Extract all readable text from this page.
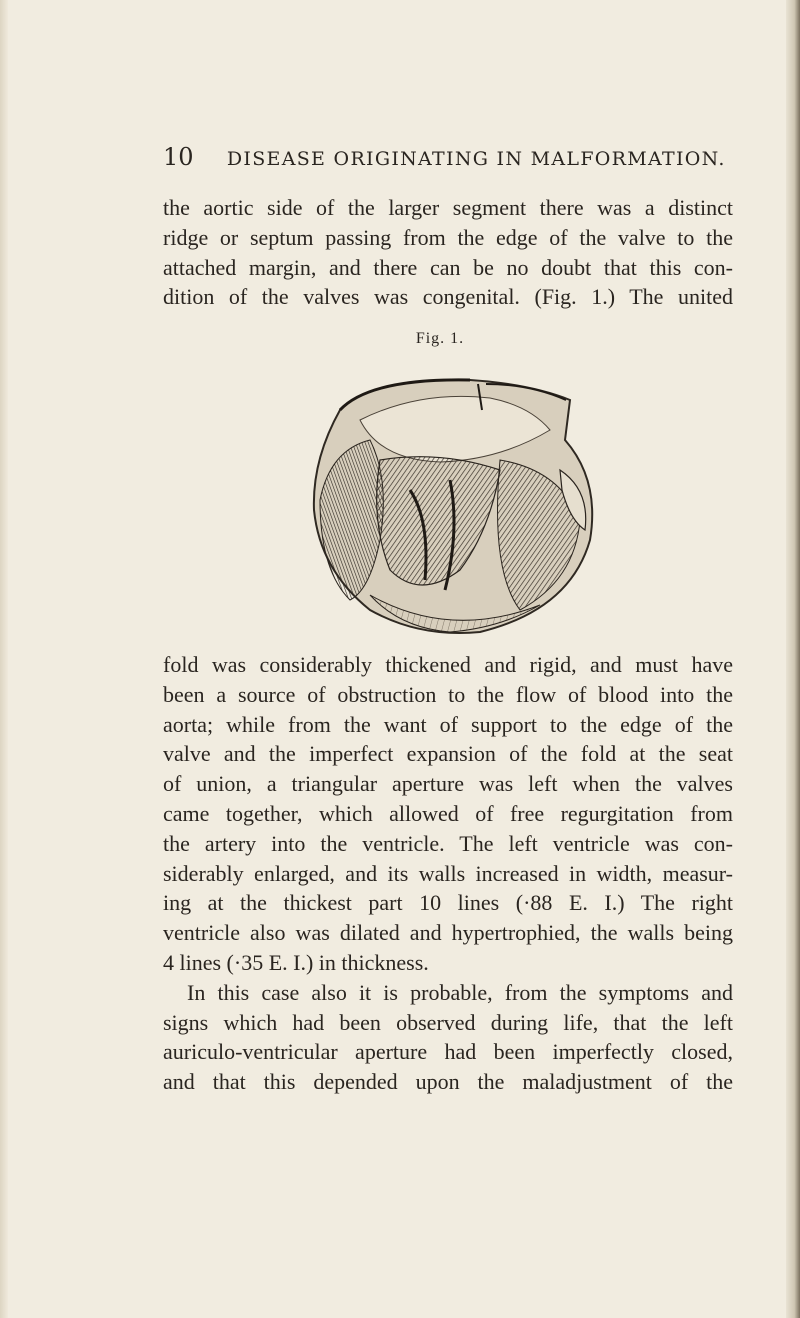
10 DISEASE ORIGINATING IN MALFORMATION.

the aortic side of the larger segment there was a distinct

ridge or septum passing from the edge of the valve to the

attached margin, and there can be no doubt that this con-

dition of the valves was congenital. (Fig. 1.) The united

Fig. 1.

fold was considerably thickened and rigid, and must have

been a source of obstruction to the flow of blood into the

aorta; while from the want of support to the edge of the

valve and the imperfect expansion of the fold at the seat

of union, a triangular aperture was left when the valves

came together, which allowed of free regurgitation from

the artery into the ventricle. The left ventricle was con-

siderably enlarged, and its walls increased in width, measur-

ing at the thickest part 10 lines (·88 E. I.) The right

ventricle also was dilated and hypertrophied, the walls being

4 lines (·35 E. I.) in thickness.

In this case also it is probable, from the symptoms and

signs which had been observed during life, that the left

auriculo-ventricular aperture had been imperfectly closed,

and that this depended upon the maladjustment of the
